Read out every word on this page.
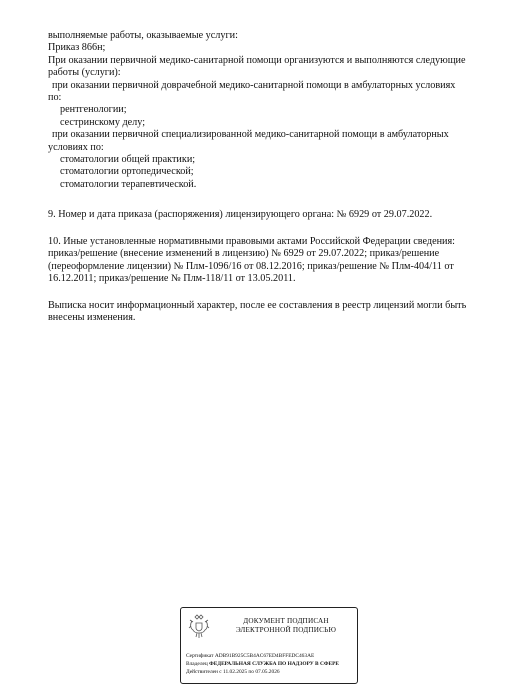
выполняемые работы, оказываемые услуги:
Приказ 866н;
При оказании первичной медико-санитарной помощи организуются и выполняются следующие
работы (услуги):
при оказании первичной доврачебной медико-санитарной помощи в амбулаторных условиях
по:
рентгенологии;
сестринскому делу;
при оказании первичной специализированной медико-санитарной помощи в амбулаторных
условиях по:
стоматологии общей практики;
стоматологии ортопедической;
стоматологии терапевтической.
9. Номер и дата приказа (распоряжения) лицензирующего органа: № 6929 от 29.07.2022.
10. Иные установленные нормативными правовыми актами Российской Федерации сведения:
приказ/решение (внесение изменений в лицензию) № 6929 от 29.07.2022; приказ/решение
(переоформление лицензии) № Плм-1096/16 от 08.12.2016; приказ/решение № Плм-404/11 от
16.12.2011; приказ/решение № Плм-118/11 от 13.05.2011.
Выписка носит информационный характер, после ее составления в реестр лицензий могли быть
внесены изменения.
ДОКУМЕНТ ПОДПИСАН
ЭЛЕКТРОННОЙ ПОДПИСЬЮ
Сертификат ADB91B925C5B4AC67ED4BFFEDC463AE
Владелец ФЕДЕРАЛЬНАЯ СЛУЖБА ПО НАДЗОРУ В СФЕРЕ
Действителен с 11.02.2025 по 07.05.2026
